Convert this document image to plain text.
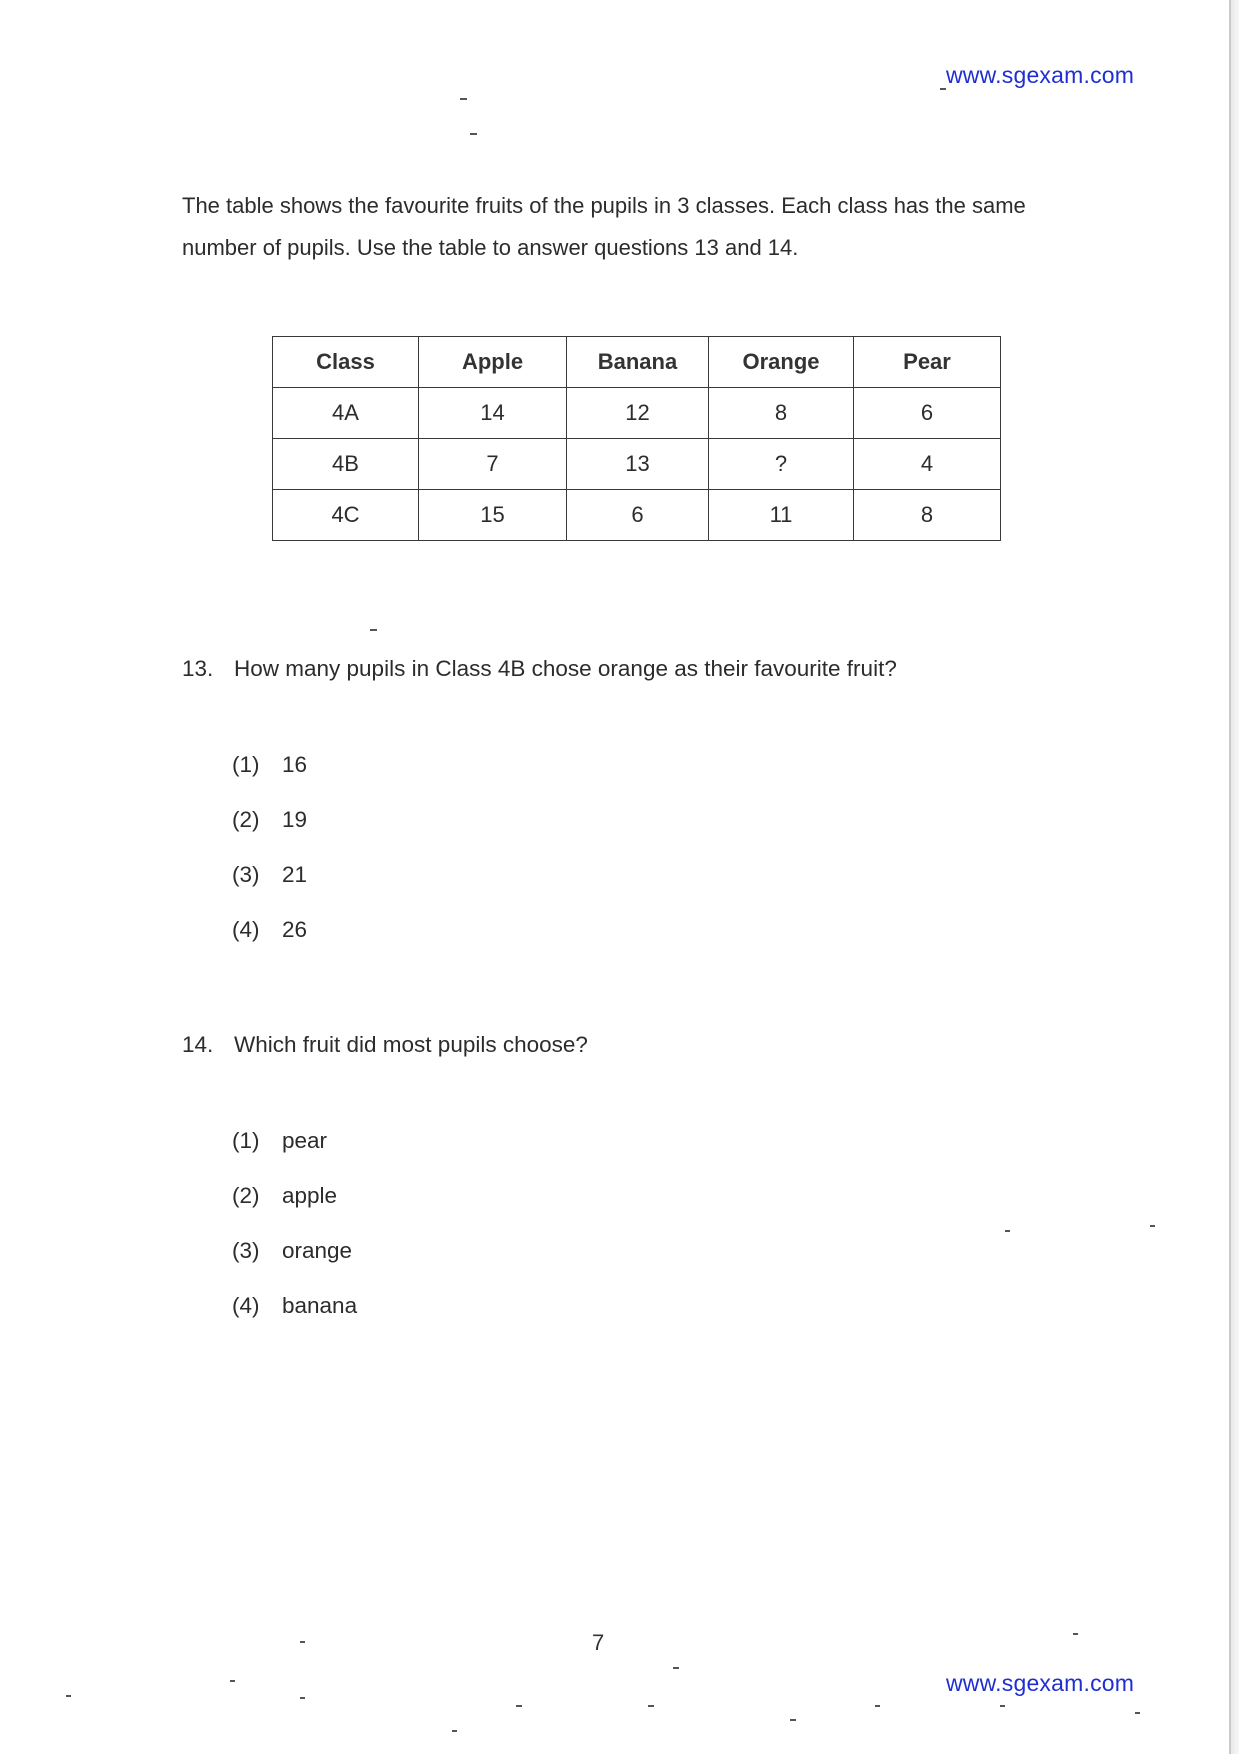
www.sgexam.com
The table shows the favourite fruits of the pupils in 3 classes. Each class has the same number of pupils. Use the table to answer questions 13 and 14.
Class	Apple	Banana	Orange	Pear
4A	14	12	8	6
4B	7	13	?	4
4C	15	6	11	8
13. How many pupils in Class 4B chose orange as their favourite fruit?
(1) 16
(2) 19
(3) 21
(4) 26
14. Which fruit did most pupils choose?
(1) pear
(2) apple
(3) orange
(4) banana
7
www.sgexam.com
